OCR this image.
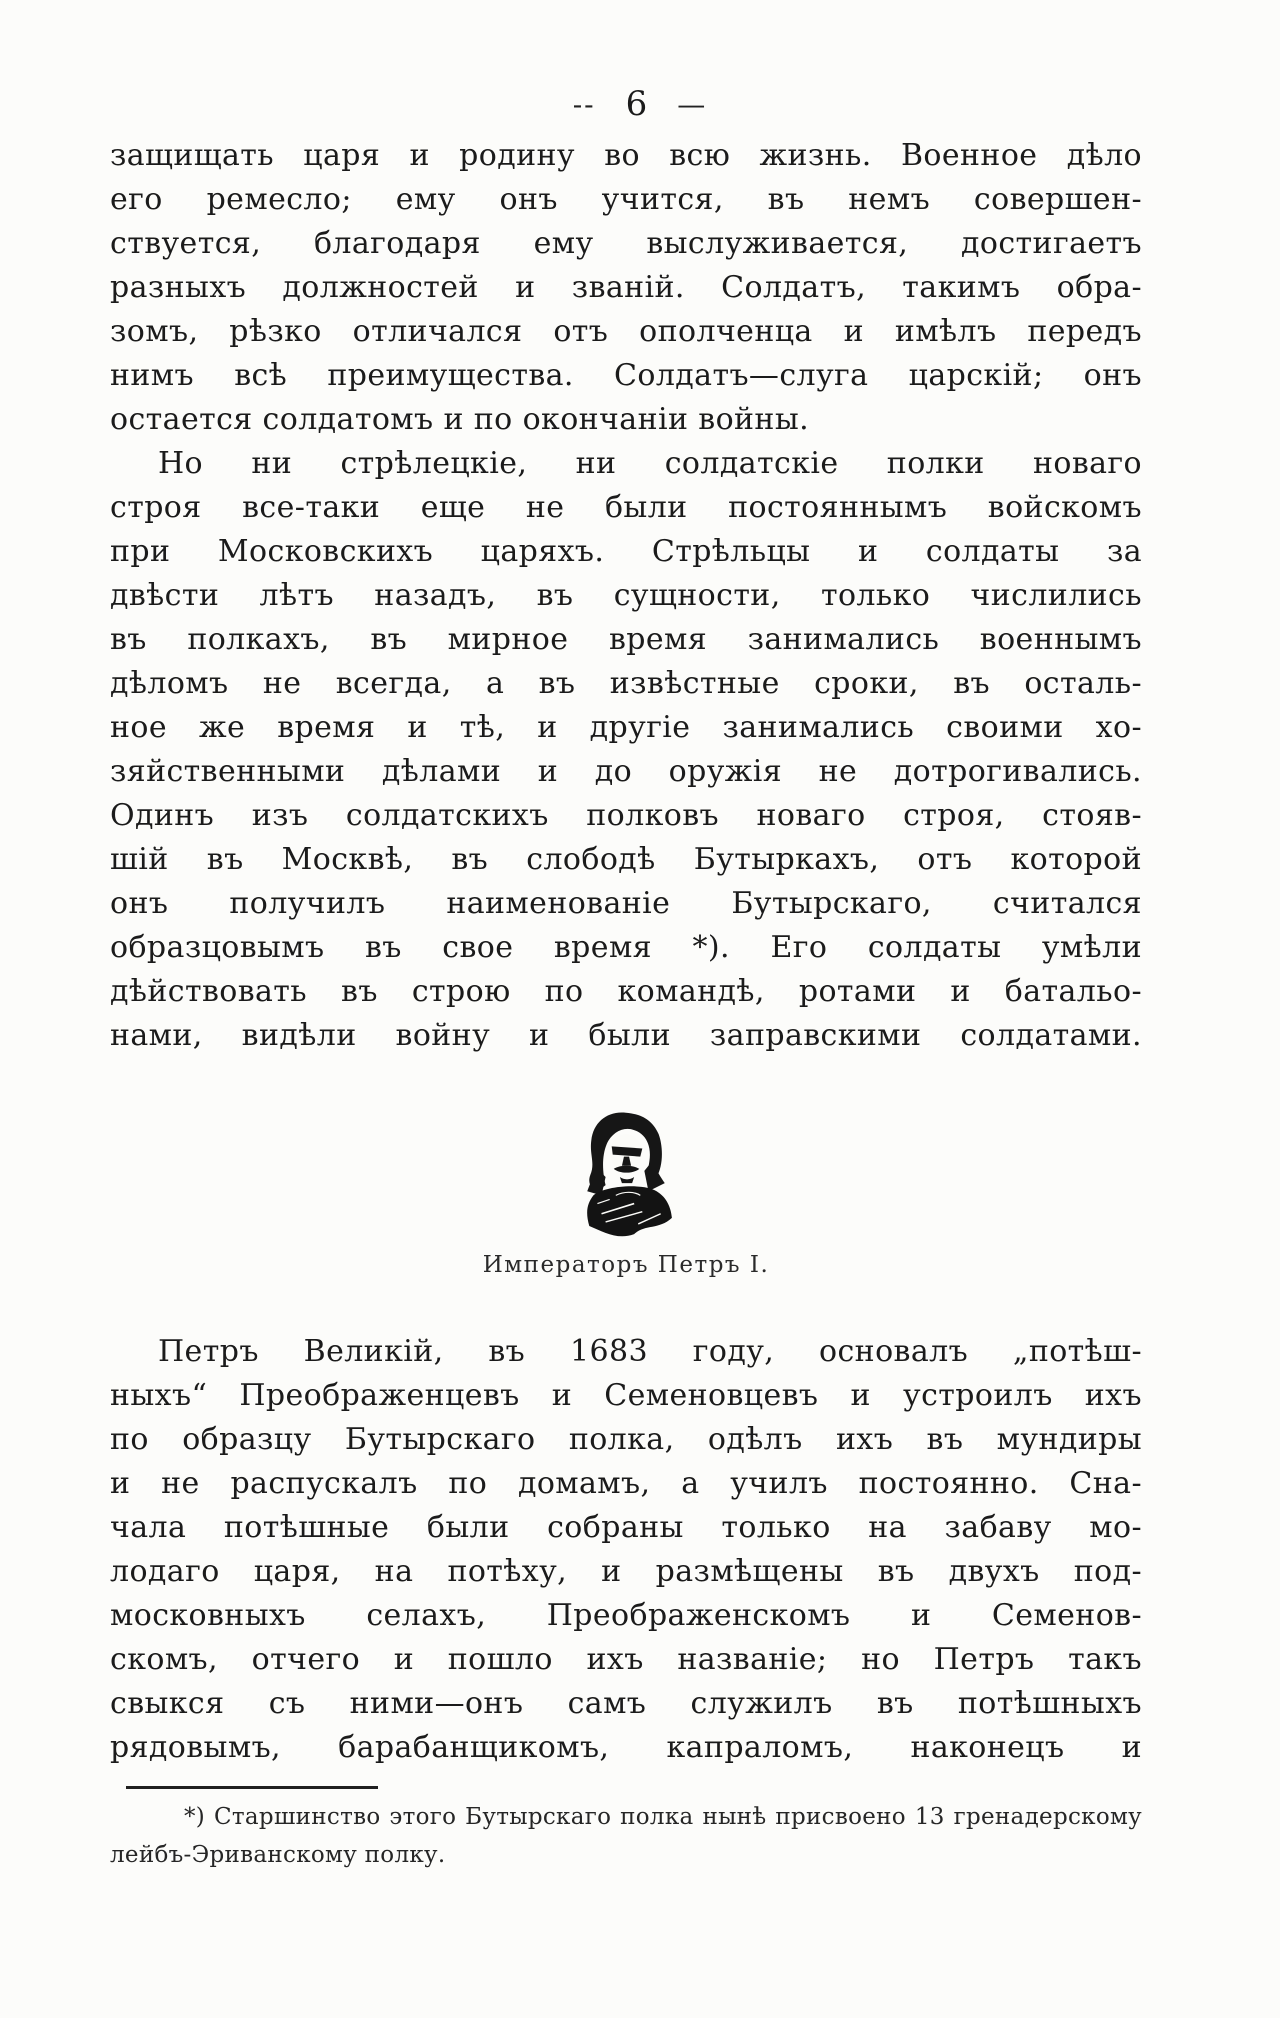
-- 6 —
защищать царя и родину во всю жизнь. Военное дѣло
его ремесло; ему онъ учится, въ немъ совершен-
ствуется, благодаря ему выслуживается, достигаетъ
разныхъ должностей и званій. Солдатъ, такимъ обра-
зомъ, рѣзко отличался отъ ополченца и имѣлъ передъ
нимъ всѣ преимущества. Солдатъ—слуга царскій; онъ
остается солдатомъ и по окончаніи войны.
Но ни стрѣлецкіе, ни солдатскіе полки новаго
строя все-таки еще не были постояннымъ войскомъ
при Московскихъ царяхъ. Стрѣльцы и солдаты за
двѣсти лѣтъ назадъ, въ сущности, только числились
въ полкахъ, въ мирное время занимались военнымъ
дѣломъ не всегда, а въ извѣстные сроки, въ осталь-
ное же время и тѣ, и другіе занимались своими хо-
зяйственными дѣлами и до оружія не дотрогивались.
Одинъ изъ солдатскихъ полковъ новаго строя, стояв-
шій въ Москвѣ, въ слободѣ Бутыркахъ, отъ которой
онъ получилъ наименованіе Бутырскаго, считался
образцовымъ въ свое время *). Его солдаты умѣли
дѣйствовать въ строю по командѣ, ротами и батальо-
нами, видѣли войну и были заправскими солдатами.
Императоръ Петръ I.
Петръ Великій, въ 1683 году, основалъ „потѣш-
ныхъ“ Преображенцевъ и Семеновцевъ и устроилъ ихъ
по образцу Бутырскаго полка, одѣлъ ихъ въ мундиры
и не распускалъ по домамъ, а училъ постоянно. Сна-
чала потѣшные были собраны только на забаву мо-
лодаго царя, на потѣху, и размѣщены въ двухъ под-
московныхъ селахъ, Преображенскомъ и Семенов-
скомъ, отчего и пошло ихъ названіе; но Петръ такъ
свыкся съ ними—онъ самъ служилъ въ потѣшныхъ
рядовымъ, барабанщикомъ, капраломъ, наконецъ и
*) Старшинство этого Бутырскаго полка нынѣ присвоено 13 гренадерскому
лейбъ-Эриванскому полку.
